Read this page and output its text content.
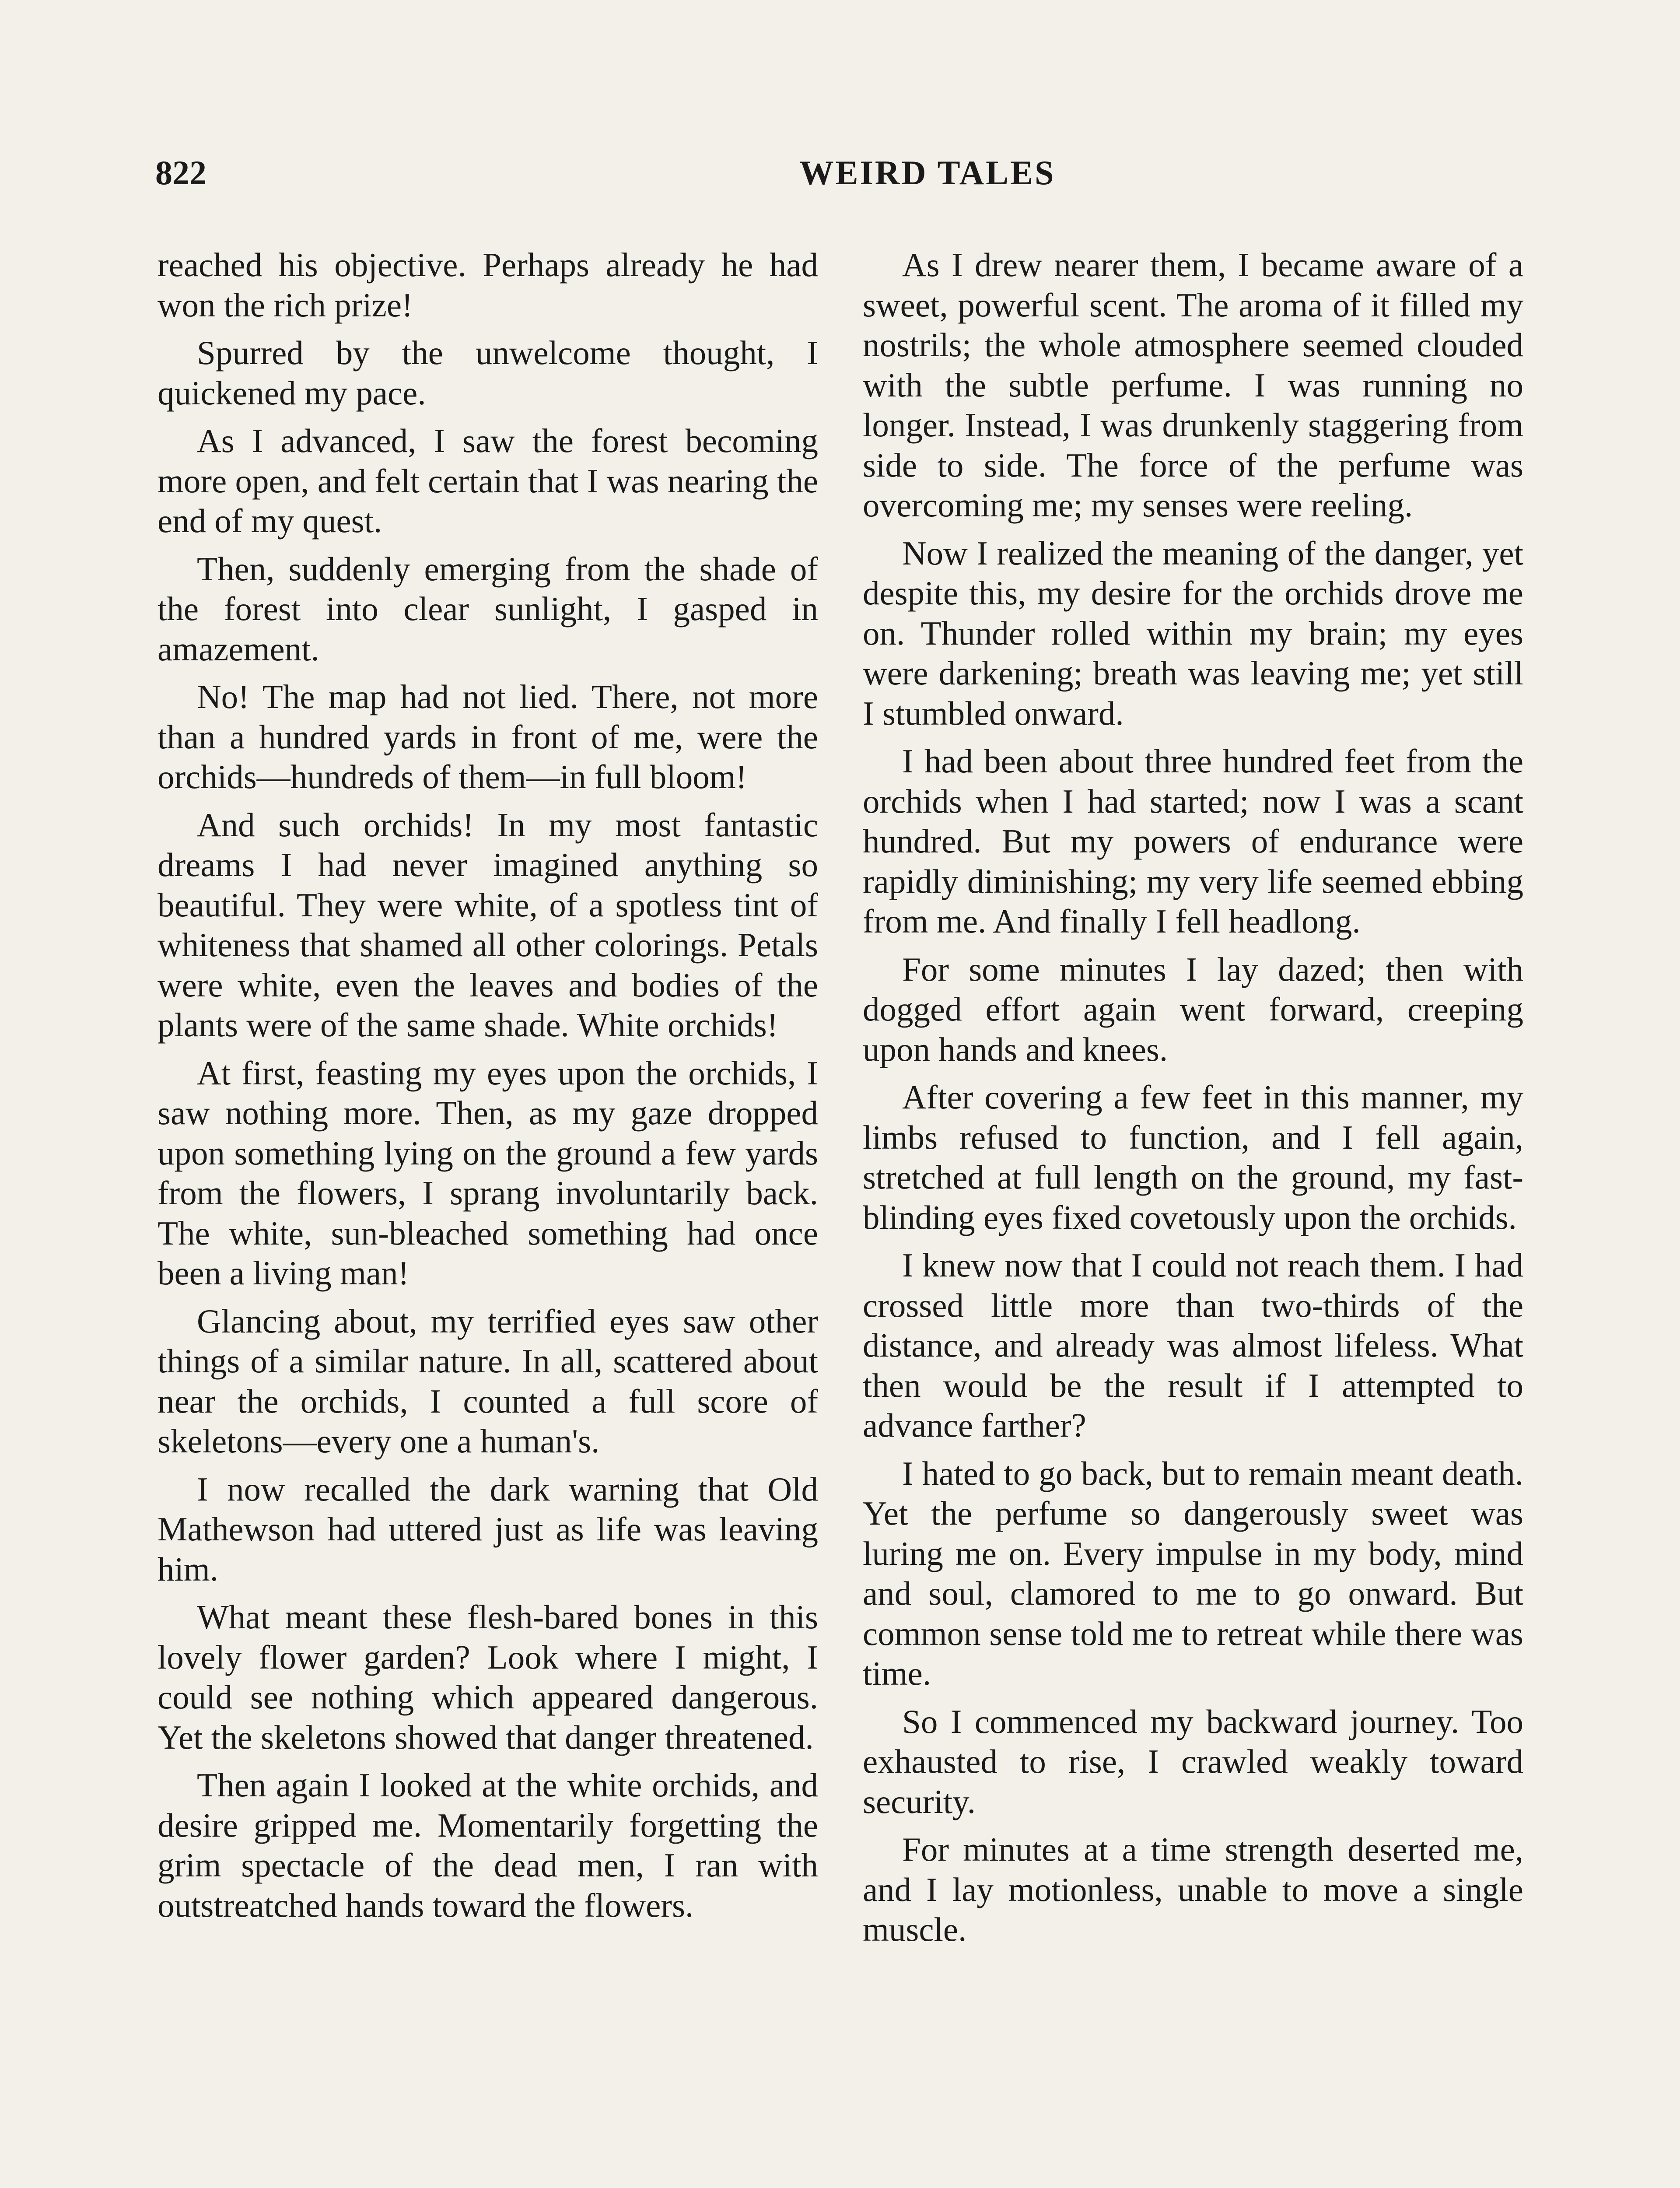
822	WEIRD TALES

reached his objective. Perhaps already he had won the rich prize!

Spurred by the unwelcome thought, I quickened my pace.

As I advanced, I saw the forest becoming more open, and felt certain that I was nearing the end of my quest.

Then, suddenly emerging from the shade of the forest into clear sunlight, I gasped in amazement.

No! The map had not lied. There, not more than a hundred yards in front of me, were the orchids—hundreds of them—in full bloom!

And such orchids! In my most fantastic dreams I had never imagined anything so beautiful. They were white, of a spotless tint of whiteness that shamed all other colorings. Petals were white, even the leaves and bodies of the plants were of the same shade. White orchids!

At first, feasting my eyes upon the orchids, I saw nothing more. Then, as my gaze dropped upon something lying on the ground a few yards from the flowers, I sprang involuntarily back. The white, sun-bleached something had once been a living man!

Glancing about, my terrified eyes saw other things of a similar nature. In all, scattered about near the orchids, I counted a full score of skeletons—every one a human's.

I now recalled the dark warning that Old Mathewson had uttered just as life was leaving him.

What meant these flesh-bared bones in this lovely flower garden? Look where I might, I could see nothing which appeared dangerous. Yet the skeletons showed that danger threatened.

Then again I looked at the white orchids, and desire gripped me. Momentarily forgetting the grim spectacle of the dead men, I ran with outstreatched hands toward the flowers.

As I drew nearer them, I became aware of a sweet, powerful scent. The aroma of it filled my nostrils; the whole atmosphere seemed clouded with the subtle perfume. I was running no longer. Instead, I was drunkenly staggering from side to side. The force of the perfume was overcoming me; my senses were reeling.

Now I realized the meaning of the danger, yet despite this, my desire for the orchids drove me on. Thunder rolled within my brain; my eyes were darkening; breath was leaving me; yet still I stumbled onward.

I had been about three hundred feet from the orchids when I had started; now I was a scant hundred. But my powers of endurance were rapidly diminishing; my very life seemed ebbing from me. And finally I fell headlong.

For some minutes I lay dazed; then with dogged effort again went forward, creeping upon hands and knees.

After covering a few feet in this manner, my limbs refused to function, and I fell again, stretched at full length on the ground, my fast-blinding eyes fixed covetously upon the orchids.

I knew now that I could not reach them. I had crossed little more than two-thirds of the distance, and already was almost lifeless. What then would be the result if I attempted to advance farther?

I hated to go back, but to remain meant death. Yet the perfume so dangerously sweet was luring me on. Every impulse in my body, mind and soul, clamored to me to go onward. But common sense told me to retreat while there was time.

So I commenced my backward journey. Too exhausted to rise, I crawled weakly toward security.

For minutes at a time strength deserted me, and I lay motionless, unable to move a single muscle.
